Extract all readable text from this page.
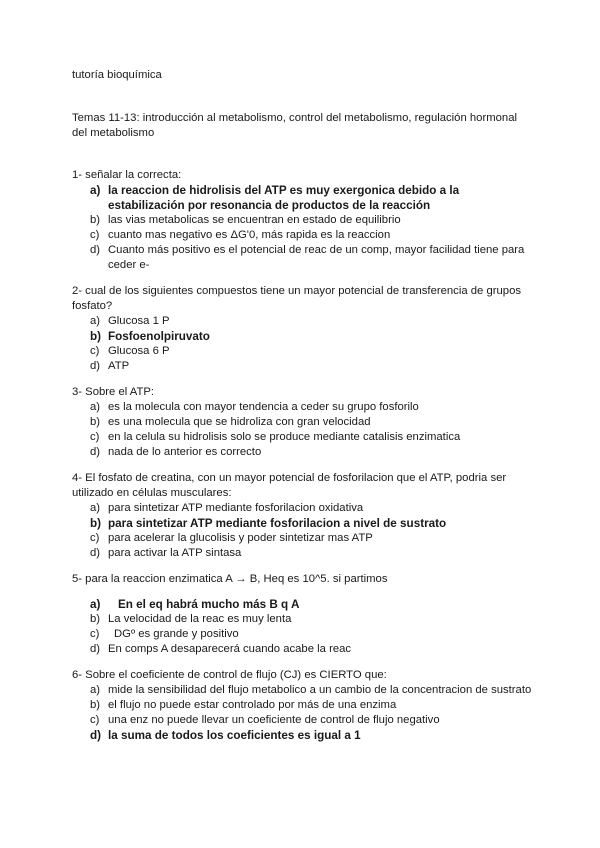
tutoría bioquímica
Temas 11-13: introducción al metabolismo, control del metabolismo, regulación hormonal del metabolismo

1- señalar la correcta:

a) la reaccion de hidrolisis del ATP es muy exergonica debido a la estabilización por resonancia de productos de la reacción
b) las vias metabolicas se encuentran en estado de equilibrio
c) cuanto mas negativo es ΔG'0, más rapida es la reaccion
d) Cuanto más positivo es el potencial de reac de un comp, mayor facilidad tiene para ceder e-

2- cual de los siguientes compuestos tiene un mayor potencial de transferencia de grupos fosfato?

a) Glucosa 1 P
b) Fosfoenolpiruvato
c) Glucosa 6 P
d) ATP

3- Sobre el ATP:

a) es la molecula con mayor tendencia a ceder su grupo fosforilo
b) es una molecula que se hidroliza con gran velocidad
c) en la celula su hidrolisis solo se produce mediante catalisis enzimatica
d) nada de lo anterior es correcto

4- El fosfato de creatina, con un mayor potencial de fosforilacion que el ATP, podria ser utilizado en células musculares:

a) para sintetizar ATP mediante fosforilacion oxidativa
b) para sintetizar ATP mediante fosforilacion a nivel de sustrato
c) para acelerar la glucolisis y poder sintetizar mas ATP
d) para activar la ATP sintasa

5- para la reaccion enzimatica A → B, Heq es 10^5. si partimos

a)	En el eq habrá mucho más B q A
b) La velocidad de la reac es muy lenta
c)	DGº es grande y positivo
d) En comps A desaparecerá cuando acabe la reac

6- Sobre el coeficiente de control de flujo (CJ) es CIERTO que:

a) mide la sensibilidad del flujo metabolico a un cambio de la concentracion de sustrato
b) el flujo no puede estar controlado por más de una enzima
c) una enz no puede llevar un coeficiente de control de flujo negativo
d) la suma de todos los coeficientes es igual a 1
